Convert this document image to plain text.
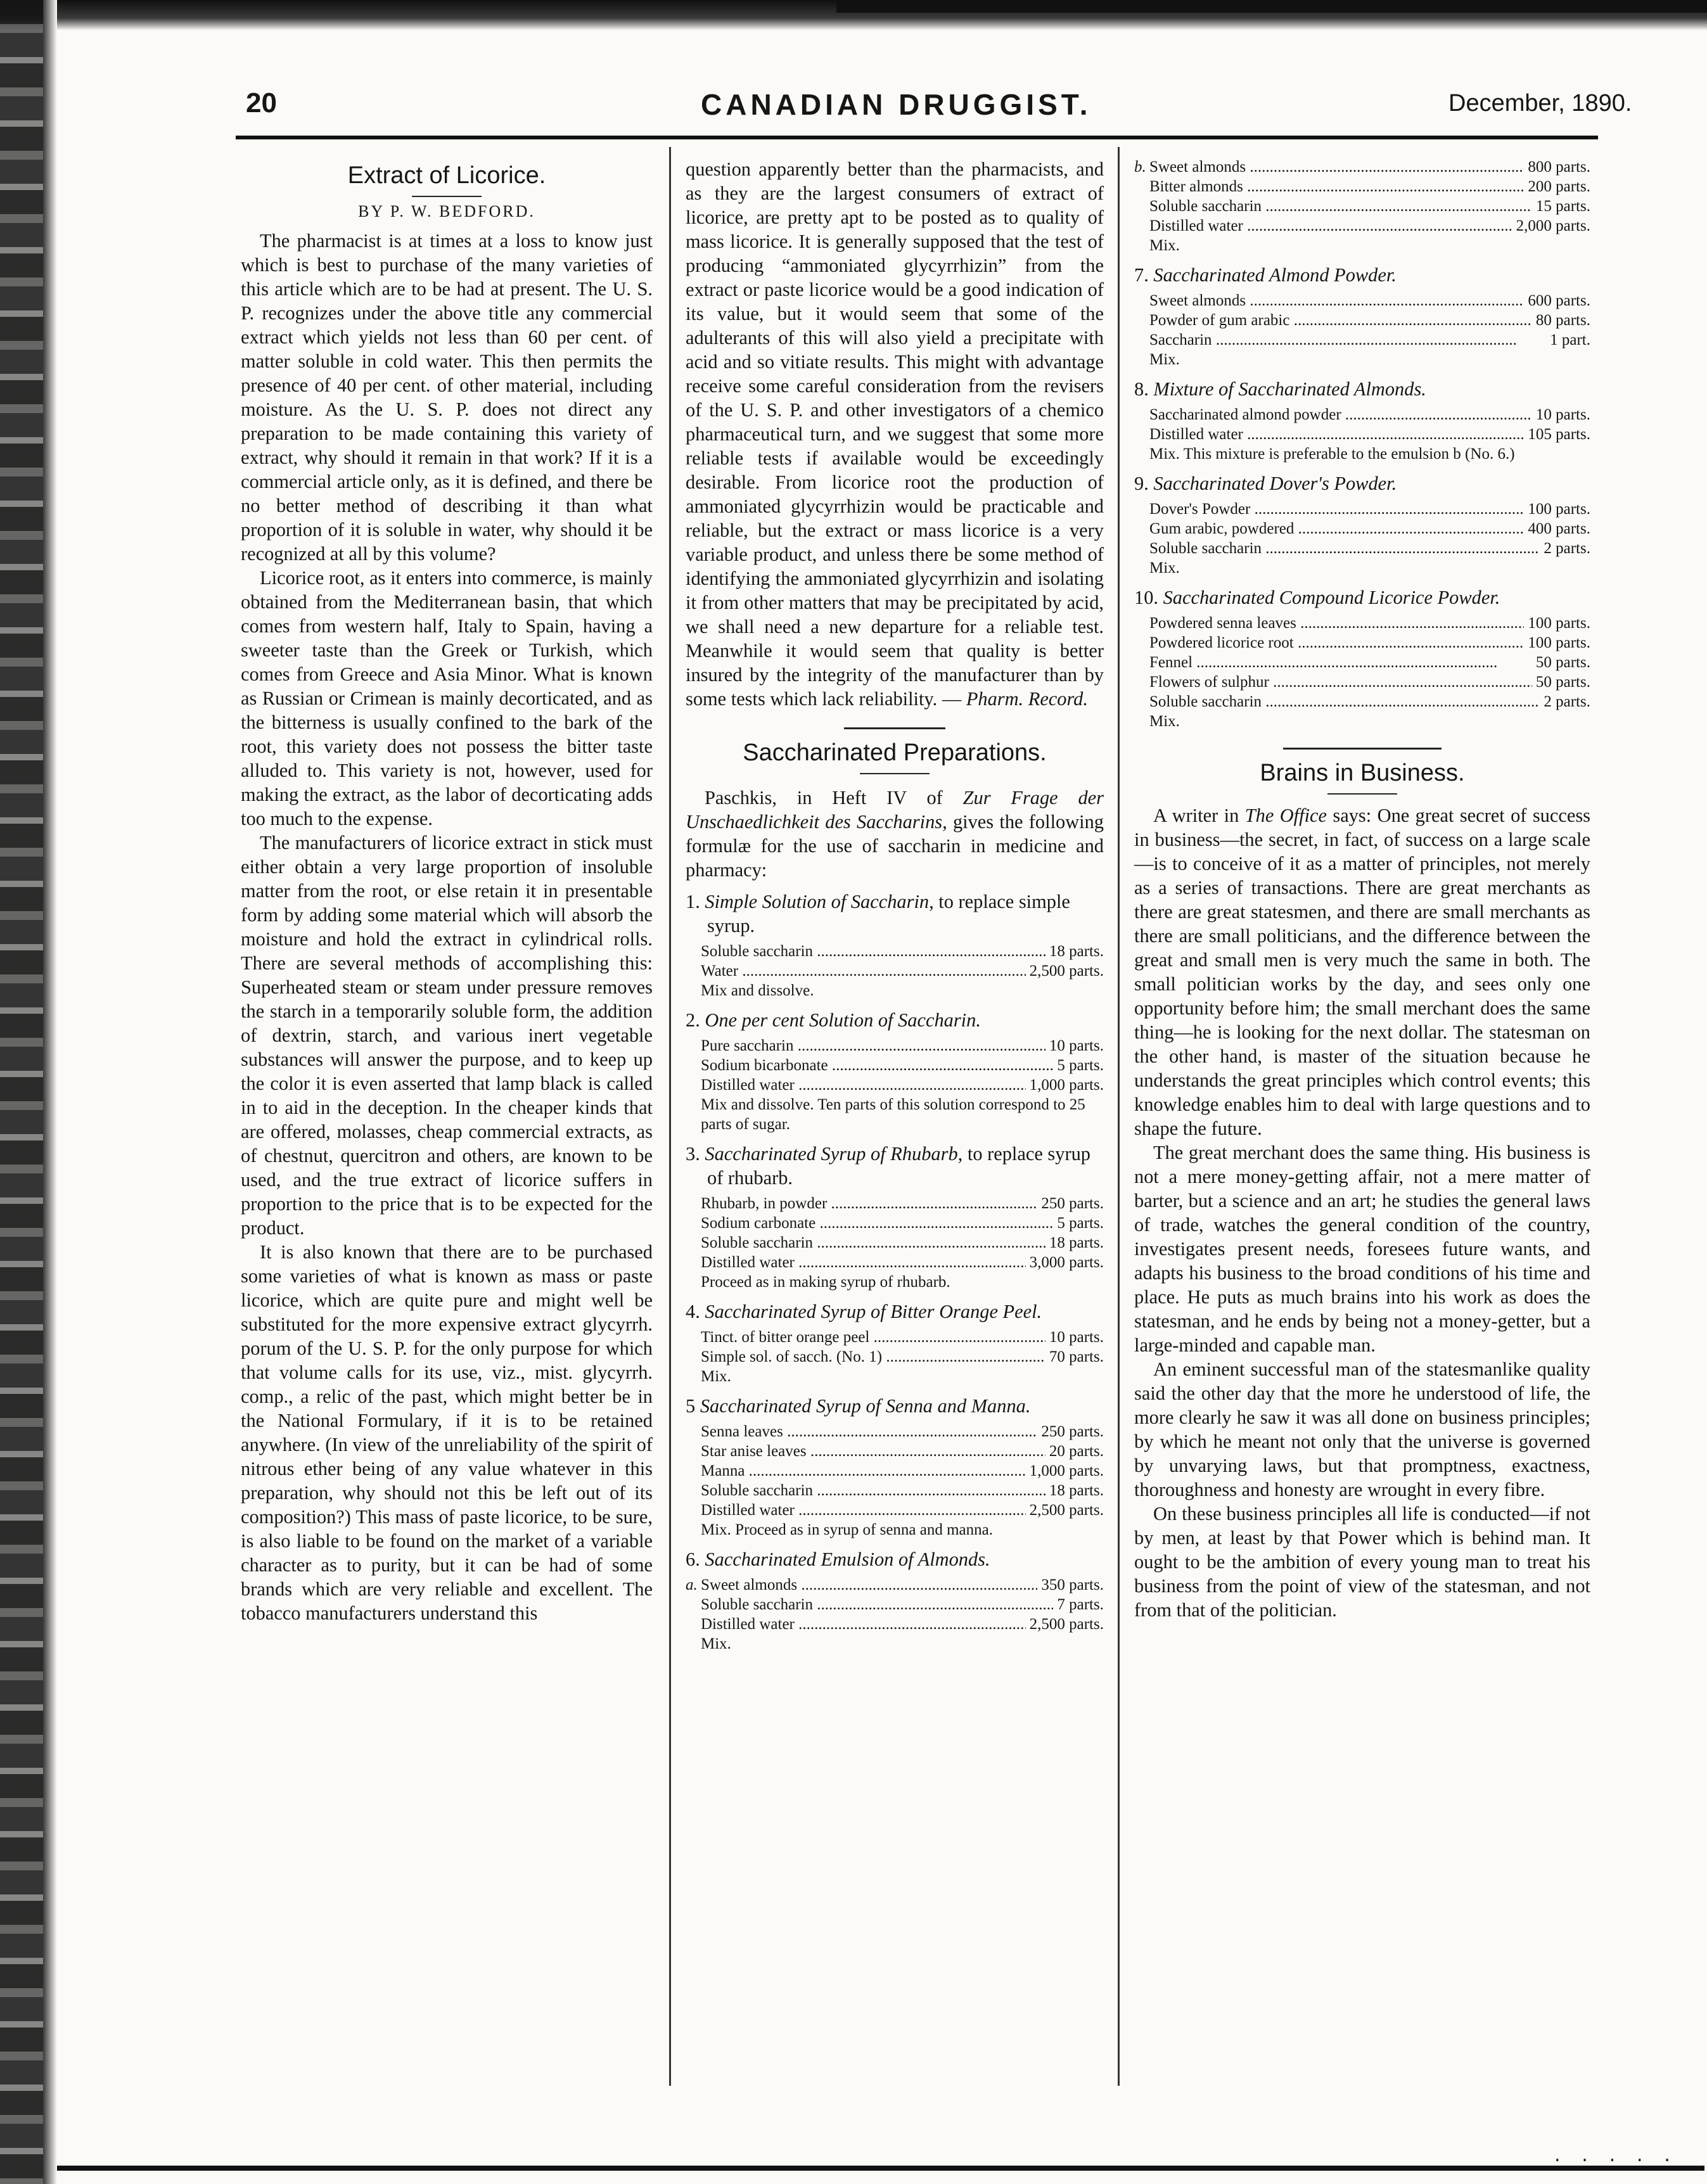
· · · · ·
20	CANADIAN DRUGGIST.	December, 1890.
Extract of Licorice.
BY P. W. BEDFORD.

The pharmacist is at times at a loss to know just which is best to purchase of the many varieties of this article which are to be had at present. The U. S. P. recognizes under the above title any commercial extract which yields not less than 60 per cent. of matter soluble in cold water. This then permits the presence of 40 per cent. of other material, including moisture. As the U. S. P. does not direct any preparation to be made containing this variety of extract, why should it remain in that work? If it is a commercial article only, as it is defined, and there be no better method of describing it than what proportion of it is soluble in water, why should it be recognized at all by this volume?

Licorice root, as it enters into commerce, is mainly obtained from the Mediterranean basin, that which comes from western half, Italy to Spain, having a sweeter taste than the Greek or Turkish, which comes from Greece and Asia Minor. What is known as Russian or Crimean is mainly decorticated, and as the bitterness is usually confined to the bark of the root, this variety does not possess the bitter taste alluded to. This variety is not, however, used for making the extract, as the labor of decorticating adds too much to the expense.

The manufacturers of licorice extract in stick must either obtain a very large proportion of insoluble matter from the root, or else retain it in presentable form by adding some material which will absorb the moisture and hold the extract in cylindrical rolls. There are several methods of accomplishing this: Superheated steam or steam under pressure removes the starch in a temporarily soluble form, the addition of dextrin, starch, and various inert vegetable substances will answer the purpose, and to keep up the color it is even asserted that lamp black is called in to aid in the deception. In the cheaper kinds that are offered, molasses, cheap commercial extracts, as of chestnut, quercitron and others, are known to be used, and the true extract of licorice suffers in proportion to the price that is to be expected for the product.

It is also known that there are to be purchased some varieties of what is known as mass or paste licorice, which are quite pure and might well be substituted for the more expensive extract glycyrrh. porum of the U. S. P. for the only purpose for which that volume calls for its use, viz., mist. glycyrrh. comp., a relic of the past, which might better be in the National Formulary, if it is to be retained anywhere. (In view of the unreliability of the spirit of nitrous ether being of any value whatever in this preparation, why should not this be left out of its composition?) This mass of paste licorice, to be sure, is also liable to be found on the market of a variable character as to purity, but it can be had of some brands which are very reliable and excellent. The tobacco manufacturers understand this

question apparently better than the pharmacists, and as they are the largest consumers of extract of licorice, are pretty apt to be posted as to quality of mass licorice. It is generally supposed that the test of producing “ammoniated glycyrrhizin” from the extract or paste licorice would be a good indication of its value, but it would seem that some of the adulterants of this will also yield a precipitate with acid and so vitiate results. This might with advantage receive some careful consideration from the revisers of the U. S. P. and other investigators of a chemico pharmaceutical turn, and we suggest that some more reliable tests if available would be exceedingly desirable. From licorice root the production of ammoniated glycyrrhizin would be practicable and reliable, but the extract or mass licorice is a very variable product, and unless there be some method of identifying the ammoniated glycyrrhizin and isolating it from other matters that may be precipitated by acid, we shall need a new departure for a reliable test. Meanwhile it would seem that quality is better insured by the integrity of the manufacturer than by some tests which lack reliability. — Pharm. Record.

Saccharinated Preparations.

Paschkis, in Heft IV of Zur Frage der Unschaedlichkeit des Saccharins, gives the following formulæ for the use of saccharin in medicine and pharmacy:

1. Simple Solution of Saccharin, to replace simple syrup.
Soluble saccharin .....	18 parts.
Water .....	2,500 parts.
Mix and dissolve.
2. One per cent Solution of Saccharin.
Pure saccharin .....	10 parts.
Sodium bicarbonate .....	5 parts.
Distilled water .....	1,000 parts.
Mix and dissolve. Ten parts of this solution correspond to 25 parts of sugar.
3. Saccharinated Syrup of Rhubarb, to replace syrup of rhubarb.
Rhubarb, in powder .....	250 parts.
Sodium carbonate .....	5 parts.
Soluble saccharin .....	18 parts.
Distilled water .....	3,000 parts.
Proceed as in making syrup of rhubarb.
4. Saccharinated Syrup of Bitter Orange Peel.
Tinct. of bitter orange peel .....	10 parts.
Simple sol. of sacch. (No. 1) .....	70 parts.
Mix.
5 Saccharinated Syrup of Senna and Manna.
Senna leaves .....	250 parts.
Star anise leaves .....	20 parts.
Manna .....	1,000 parts.
Soluble saccharin .....	18 parts.
Distilled water .....	2,500 parts.
Mix. Proceed as in syrup of senna and manna.
6. Saccharinated Emulsion of Almonds.
a. Sweet almonds .....	350 parts.
Soluble saccharin .....	7 parts.
Distilled water .....	2,500 parts.
Mix.
b. Sweet almonds .....	800 parts.
Bitter almonds .....	200 parts.
Soluble saccharin .....	15 parts.
Distilled water .....	2,000 parts.
Mix.
7. Saccharinated Almond Powder.
Sweet almonds .....	600 parts.
Powder of gum arabic .....	80 parts.
Saccharin .....	1 part.
Mix.
8. Mixture of Saccharinated Almonds.
Saccharinated almond powder .....	10 parts.
Distilled water .....	105 parts.
Mix. This mixture is preferable to the emulsion b (No. 6.)
9. Saccharinated Dover's Powder.
Dover's Powder .....	100 parts.
Gum arabic, powdered .....	400 parts.
Soluble saccharin .....	2 parts.
Mix.
10. Saccharinated Compound Licorice Powder.
Powdered senna leaves .....	100 parts.
Powdered licorice root .....	100 parts.
Fennel .....	50 parts.
Flowers of sulphur .....	50 parts.
Soluble saccharin .....	2 parts.
Mix.
Brains in Business.

A writer in The Office says: One great secret of success in business—the secret, in fact, of success on a large scale—is to conceive of it as a matter of principles, not merely as a series of transactions. There are great merchants as there are great statesmen, and there are small merchants as there are small politicians, and the difference between the great and small men is very much the same in both. The small politician works by the day, and sees only one opportunity before him; the small merchant does the same thing—he is looking for the next dollar. The statesman on the other hand, is master of the situation because he understands the great principles which control events; this knowledge enables him to deal with large questions and to shape the future.

The great merchant does the same thing. His business is not a mere money-getting affair, not a mere matter of barter, but a science and an art; he studies the general laws of trade, watches the general condition of the country, investigates present needs, foresees future wants, and adapts his business to the broad conditions of his time and place. He puts as much brains into his work as does the statesman, and he ends by being not a money-getter, but a large-minded and capable man.

An eminent successful man of the statesmanlike quality said the other day that the more he understood of life, the more clearly he saw it was all done on business principles; by which he meant not only that the universe is governed by unvarying laws, but that promptness, exactness, thoroughness and honesty are wrought in every fibre.

On these business principles all life is conducted—if not by men, at least by that Power which is behind man. It ought to be the ambition of every young man to treat his business from the point of view of the statesman, and not from that of the politician.
